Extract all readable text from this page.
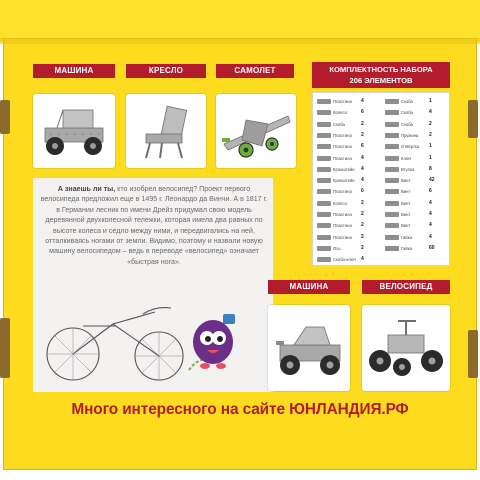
МАШИНА	КРЕСЛО	САМОЛЕТ	КОМПЛЕКТНОСТЬ НАБОРА
206 ЭЛЕМЕНТОВ
Пластина 4
Колесо	6
Скоба	2
Пластина 2
Пластина 6
Пластина 4
Кронштейн 4
Кронштейн 4
Пластина 6
Колесо	2
Пластина 2
Пластина 2
Пластина 2
Ось	2
Скоба-ключ 4
Скоба	1
Скоба	4
Скоба	2
Пружина 2
Отвёртка 1
Ключ	1
Втулка	8
Винт	42
Винт	6
Винт	4
Винт	4
Винт	4
Гайка	4
Гайка	60
А знаешь ли ты, кто изобрел велосипед? Проект первого велосипеда предложил еще в 1495 г. Леонардо да Винчи. А в 1817 г. в Германии лесник по имени Дрейз придумал свою модель деревянной двухколесной тележки, которая имела два равных по высоте колеса и седло между ними, и передвигались на ней, отталкиваясь ногами от земли. Видимо, поэтому и назвали новую машину велосипедом – ведь в переводе «велосипед» означает «быстрая нога».
МАШИНА	ВЕЛОСИПЕД
Много интересного на сайте ЮНЛАНДИЯ.РФ
